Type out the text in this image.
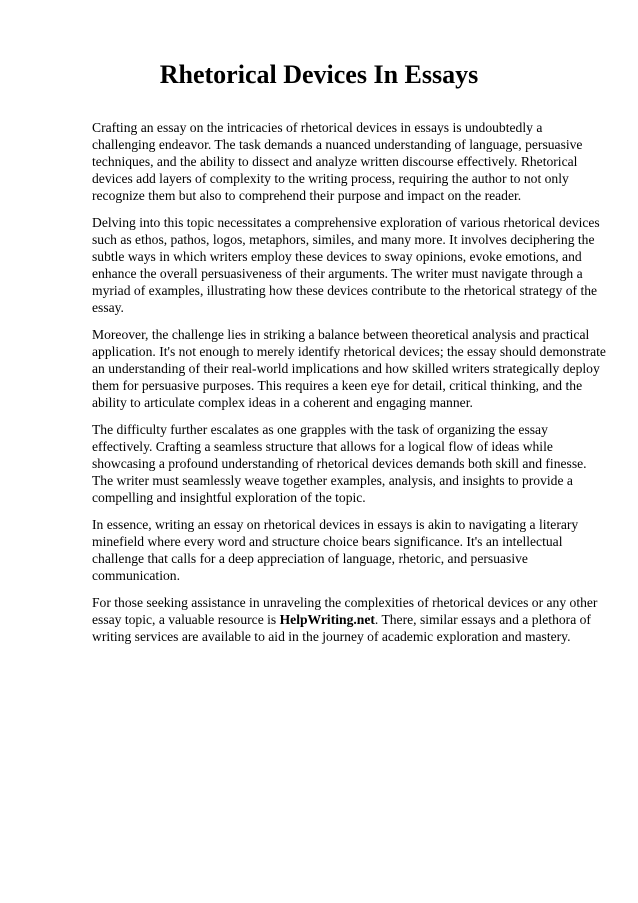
Rhetorical Devices In Essays

Crafting an essay on the intricacies of rhetorical devices in essays is undoubtedly a challenging endeavor. The task demands a nuanced understanding of language, persuasive techniques, and the ability to dissect and analyze written discourse effectively. Rhetorical devices add layers of complexity to the writing process, requiring the author to not only recognize them but also to comprehend their purpose and impact on the reader.

Delving into this topic necessitates a comprehensive exploration of various rhetorical devices such as ethos, pathos, logos, metaphors, similes, and many more. It involves deciphering the subtle ways in which writers employ these devices to sway opinions, evoke emotions, and enhance the overall persuasiveness of their arguments. The writer must navigate through a myriad of examples, illustrating how these devices contribute to the rhetorical strategy of the essay.

Moreover, the challenge lies in striking a balance between theoretical analysis and practical application. It's not enough to merely identify rhetorical devices; the essay should demonstrate an understanding of their real-world implications and how skilled writers strategically deploy them for persuasive purposes. This requires a keen eye for detail, critical thinking, and the ability to articulate complex ideas in a coherent and engaging manner.

The difficulty further escalates as one grapples with the task of organizing the essay effectively. Crafting a seamless structure that allows for a logical flow of ideas while showcasing a profound understanding of rhetorical devices demands both skill and finesse. The writer must seamlessly weave together examples, analysis, and insights to provide a compelling and insightful exploration of the topic.

In essence, writing an essay on rhetorical devices in essays is akin to navigating a literary minefield where every word and structure choice bears significance. It's an intellectual challenge that calls for a deep appreciation of language, rhetoric, and persuasive communication.

For those seeking assistance in unraveling the complexities of rhetorical devices or any other essay topic, a valuable resource is HelpWriting.net. There, similar essays and a plethora of writing services are available to aid in the journey of academic exploration and mastery.
